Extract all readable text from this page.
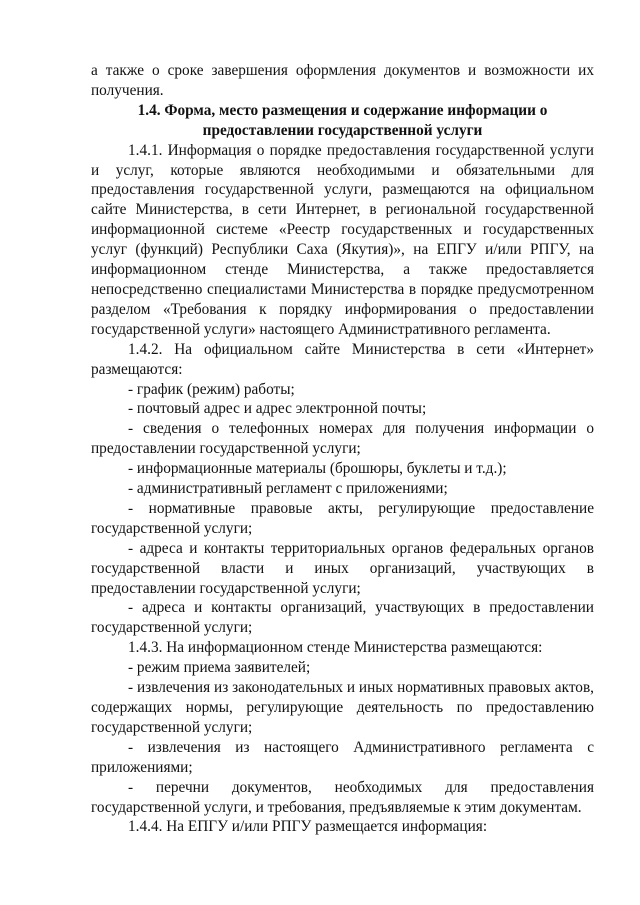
а также о сроке завершения оформления документов и возможности их получения.

1.4. Форма, место размещения и содержание информации о
предоставлении государственной услуги

1.4.1. Информация о порядке предоставления государственной услуги и услуг, которые являются необходимыми и обязательными для предоставления государственной услуги, размещаются на официальном сайте Министерства, в сети Интернет, в региональной государственной информационной системе «Реестр государственных и государственных услуг (функций) Республики Саха (Якутия)», на ЕПГУ и/или РПГУ, на информационном стенде Министерства, а также предоставляется непосредственно специалистами Министерства в порядке предусмотренном разделом «Требования к порядку информирования о предоставлении государственной услуги» настоящего Административного регламента.

1.4.2. На официальном сайте Министерства в сети «Интернет» размещаются:

- график (режим) работы;

- почтовый адрес и адрес электронной почты;

- сведения о телефонных номерах для получения информации о предоставлении государственной услуги;

- информационные материалы (брошюры, буклеты и т.д.);

- административный регламент с приложениями;

- нормативные правовые акты, регулирующие предоставление государственной услуги;

- адреса и контакты территориальных органов федеральных органов государственной власти и иных организаций, участвующих в предоставлении государственной услуги;

- адреса и контакты организаций, участвующих в предоставлении государственной услуги;

1.4.3. На информационном стенде Министерства размещаются:

- режим приема заявителей;

- извлечения из законодательных и иных нормативных правовых актов, содержащих нормы, регулирующие деятельность по предоставлению государственной услуги;

- извлечения из настоящего Административного регламента с приложениями;

- перечни документов, необходимых для предоставления государственной услуги, и требования, предъявляемые к этим документам.

1.4.4. На ЕПГУ и/или РПГУ размещается информация:
